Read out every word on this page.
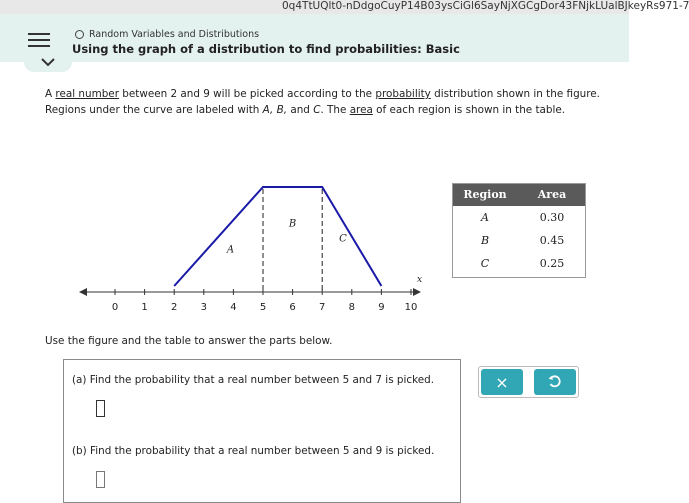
0q4TtUQlt0-nDdgoCuyP14B03ysCiGl6SayNjXGCgDor43FNjkLUalBJkeyRs971-7
Random Variables and Distributions
Using the graph of a distribution to find probabilities: Basic
A real number between 2 and 9 will be picked according to the probability distribution shown in the figure.
Regions under the curve are labeled with A, B, and C. The area of each region is shown in the table.
x
0 1 2 3 4 5 6 7 8 9 10
A
B
C
Region	Area
A	0.30
B	0.45
C	0.25
Use the figure and the table to answer the parts below.
(a) Find the probability that a real number between 5 and 7 is picked.
(b) Find the probability that a real number between 5 and 9 is picked.
×
